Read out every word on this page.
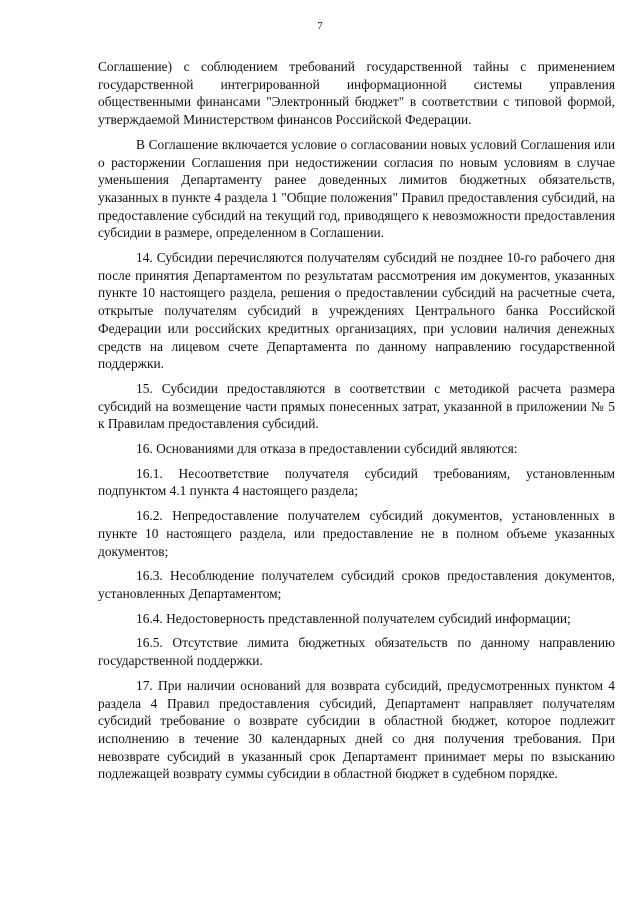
7

Соглашение) с соблюдением требований государственной тайны с применением государственной интегрированной информационной системы управления общественными финансами "Электронный бюджет" в соответствии с типовой формой, утверждаемой Министерством финансов Российской Федерации.

В Соглашение включается условие о согласовании новых условий Соглашения или о расторжении Соглашения при недостижении согласия по новым условиям в случае уменьшения Департаменту ранее доведенных лимитов бюджетных обязательств, указанных в пункте 4 раздела 1 "Общие положения" Правил предоставления субсидий, на предоставление субсидий на текущий год, приводящего к невозможности предоставления субсидии в размере, определенном в Соглашении.

14. Субсидии перечисляются получателям субсидий не позднее 10-го рабочего дня после принятия Департаментом по результатам рассмотрения им документов, указанных пункте 10 настоящего раздела, решения о предоставлении субсидий на расчетные счета, открытые получателям субсидий в учреждениях Центрального банка Российской Федерации или российских кредитных организациях, при условии наличия денежных средств на лицевом счете Департамента по данному направлению государственной поддержки.

15. Субсидии предоставляются в соответствии с методикой расчета размера субсидий на возмещение части прямых понесенных затрат, указанной в приложении № 5 к Правилам предоставления субсидий.

16. Основаниями для отказа в предоставлении субсидий являются:

16.1. Несоответствие получателя субсидий требованиям, установленным подпунктом 4.1 пункта 4 настоящего раздела;

16.2. Непредоставление получателем субсидий документов, установленных в пункте 10 настоящего раздела, или предоставление не в полном объеме указанных документов;

16.3. Несоблюдение получателем субсидий сроков предоставления документов, установленных Департаментом;

16.4. Недостоверность представленной получателем субсидий информации;

16.5. Отсутствие лимита бюджетных обязательств по данному направлению государственной поддержки.

17. При наличии оснований для возврата субсидий, предусмотренных пунктом 4 раздела 4 Правил предоставления субсидий, Департамент направляет получателям субсидий требование о возврате субсидии в областной бюджет, которое подлежит исполнению в течение 30 календарных дней со дня получения требования. При невозврате субсидий в указанный срок Департамент принимает меры по взысканию подлежащей возврату суммы субсидии в областной бюджет в судебном порядке.
